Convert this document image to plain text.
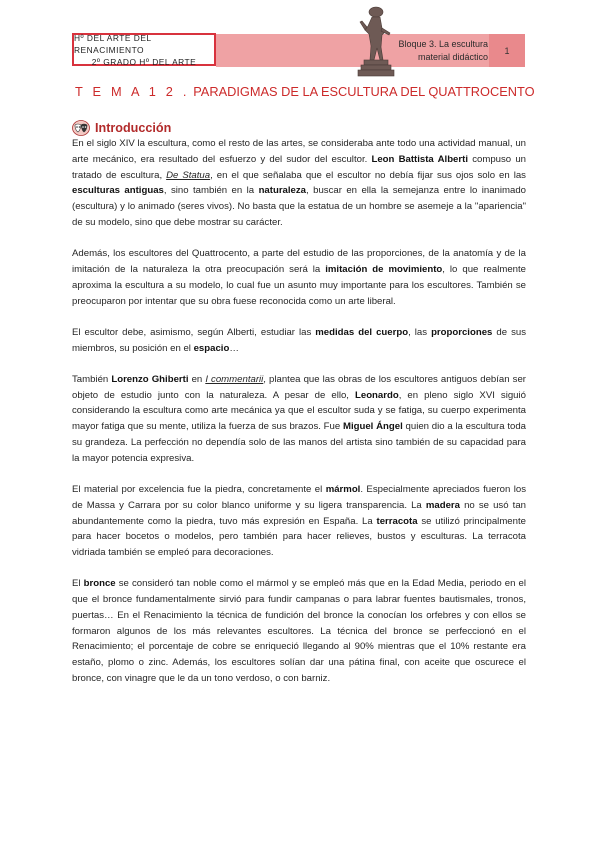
Hº DEL ARTE DEL RENACIMIENTO
2º GRADO Hº DEL ARTE
Bloque 3. La escultura
material didáctico
1
T E M A 1 2 . PARADIGMAS DE LA ESCULTURA DEL QUATTROCENTO
Introducción

En el siglo XIV la escultura, como el resto de las artes, se consideraba ante todo una actividad manual, un arte mecánico, era resultado del esfuerzo y del sudor del escultor. Leon Battista Alberti compuso un tratado de escultura, De Statua, en el que señalaba que el escultor no debía fijar sus ojos solo en las esculturas antiguas, sino también en la naturaleza, buscar en ella la semejanza entre lo inanimado (escultura) y lo animado (seres vivos). No basta que la estatua de un hombre se asemeje a la "apariencia" de su modelo, sino que debe mostrar su carácter.

Además, los escultores del Quattrocento, a parte del estudio de las proporciones, de la anatomía y de la imitación de la naturaleza la otra preocupación será la imitación de movimiento, lo que realmente aproxima la escultura a su modelo, lo cual fue un asunto muy importante para los escultores. También se preocuparon por intentar que su obra fuese reconocida como un arte liberal.

El escultor debe, asimismo, según Alberti, estudiar las medidas del cuerpo, las proporciones de sus miembros, su posición en el espacio…

También Lorenzo Ghiberti en I commentarii, plantea que las obras de los escultores antiguos debían ser objeto de estudio junto con la naturaleza. A pesar de ello, Leonardo, en pleno siglo XVI siguió considerando la escultura como arte mecánica ya que el escultor suda y se fatiga, su cuerpo experimenta mayor fatiga que su mente, utiliza la fuerza de sus brazos. Fue Miguel Ángel quien dio a la escultura toda su grandeza. La perfección no dependía solo de las manos del artista sino también de su capacidad para la mayor potencia expresiva.

El material por excelencia fue la piedra, concretamente el mármol. Especialmente apreciados fueron los de Massa y Carrara por su color blanco uniforme y su ligera transparencia. La madera no se usó tan abundantemente como la piedra, tuvo más expresión en España. La terracota se utilizó principalmente para hacer bocetos o modelos, pero también para hacer relieves, bustos y esculturas. La terracota vidriada también se empleó para decoraciones.

El bronce se consideró tan noble como el mármol y se empleó más que en la Edad Media, periodo en el que el bronce fundamentalmente sirvió para fundir campanas o para labrar fuentes bautismales, tronos, puertas… En el Renacimiento la técnica de fundición del bronce la conocían los orfebres y con ellos se formaron algunos de los más relevantes escultores. La técnica del bronce se perfeccionó en el Renacimiento; el porcentaje de cobre se enriqueció llegando al 90% mientras que el 10% restante era estaño, plomo o zinc. Además, los escultores solían dar una pátina final, con aceite que oscurece el bronce, con vinagre que le da un tono verdoso, o con barniz.
